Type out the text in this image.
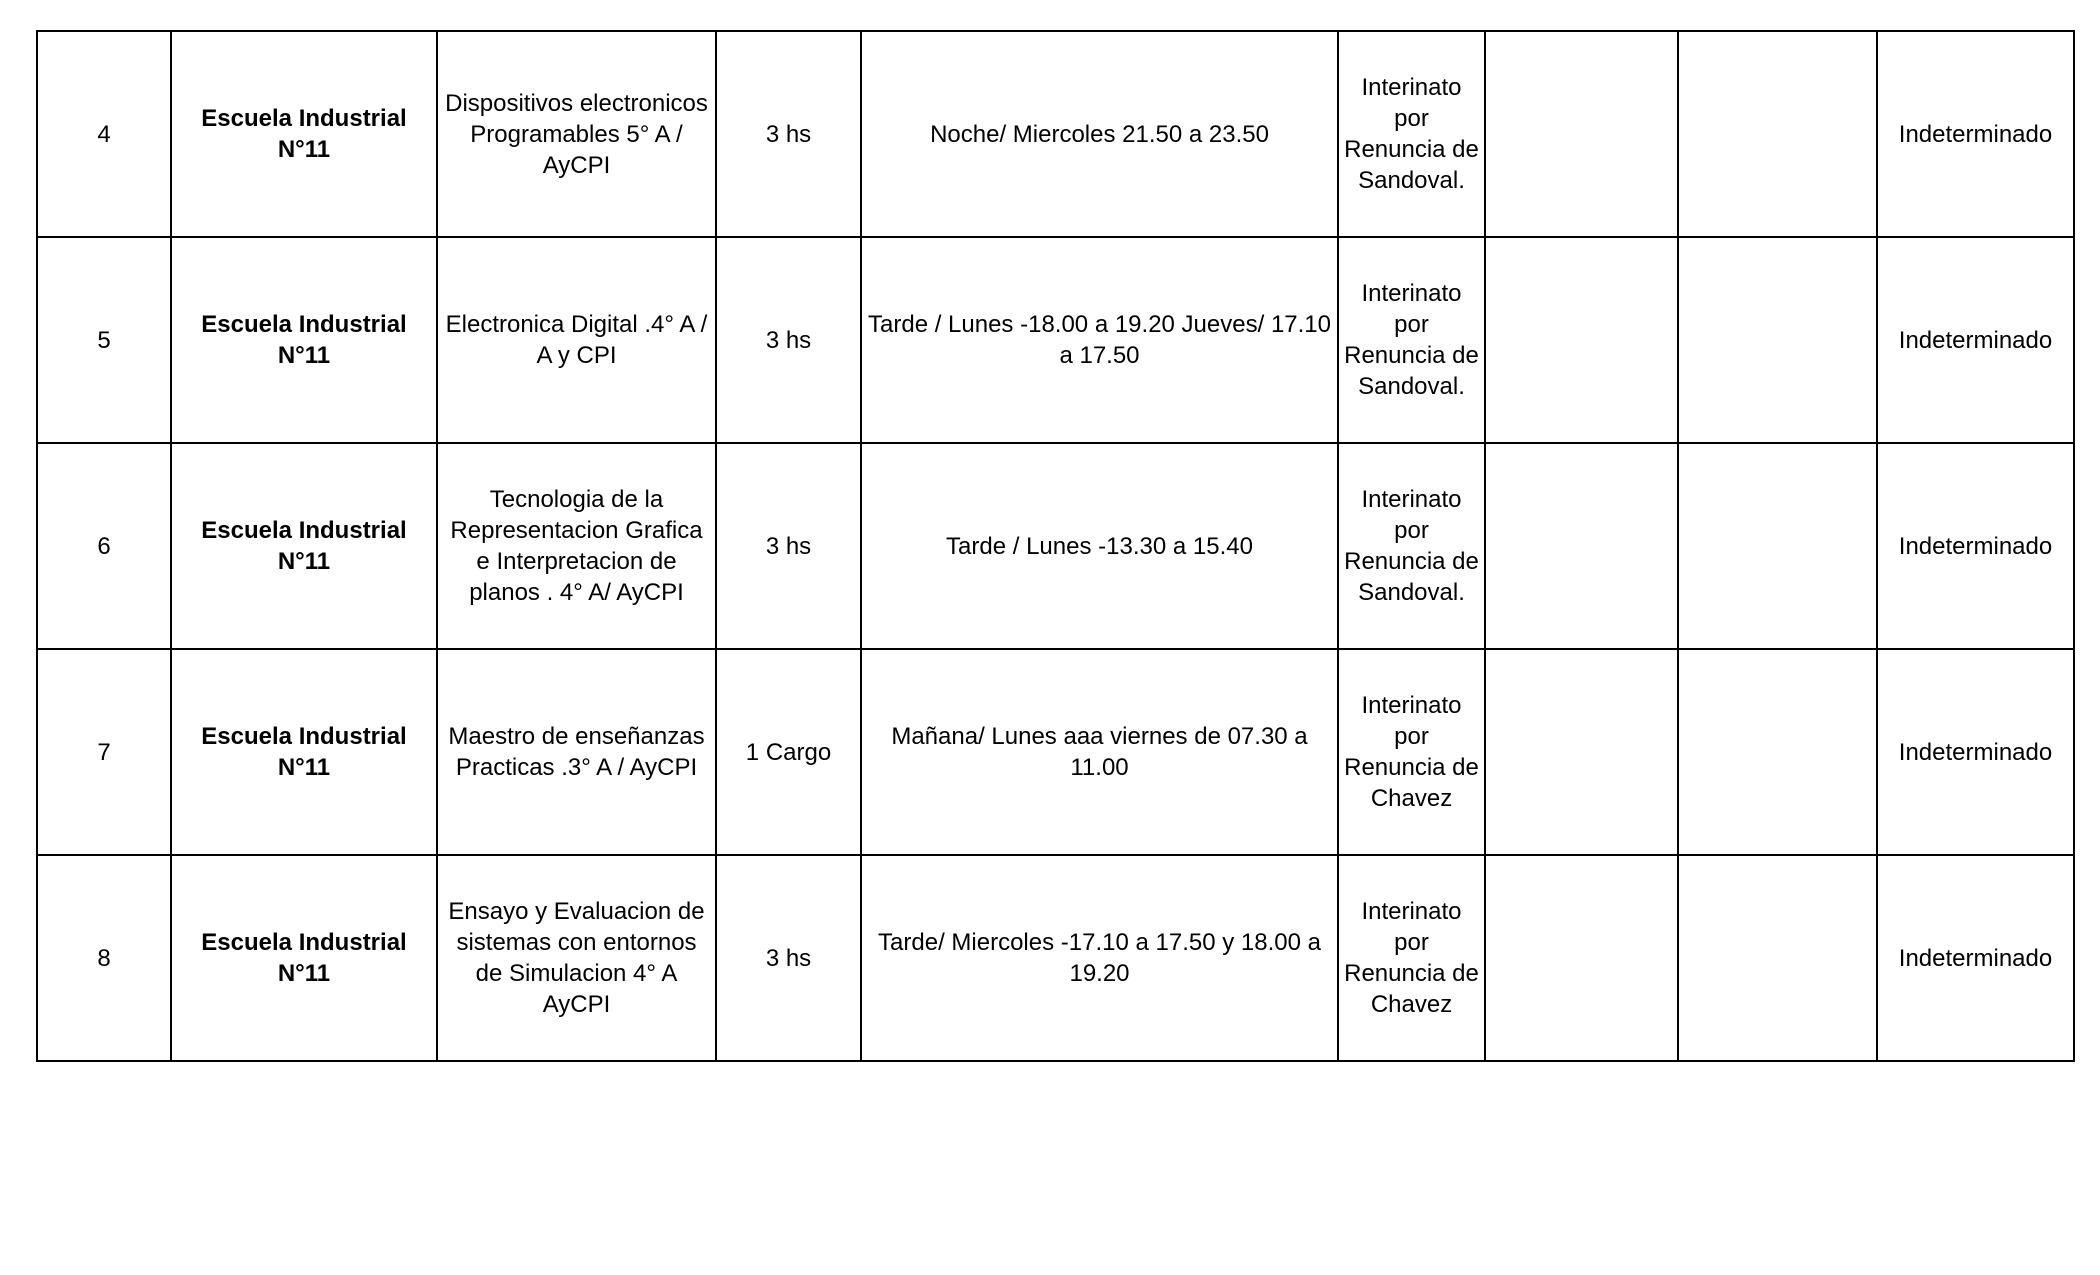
4	Escuela Industrial N°11	Dispositivos electronicos Programables 5° A / AyCPI	3 hs	Noche/ Miercoles 21.50 a 23.50	Interinato por Renuncia de Sandoval.			Indeterminado
5	Escuela Industrial N°11	Electronica Digital .4° A / A y CPI	3 hs	Tarde / Lunes -18.00 a 19.20 Jueves/ 17.10 a 17.50	Interinato por Renuncia de Sandoval.			Indeterminado
6	Escuela Industrial N°11	Tecnologia de la Representacion Grafica e Interpretacion de planos . 4° A/ AyCPI	3 hs	Tarde / Lunes -13.30 a 15.40	Interinato por Renuncia de Sandoval.			Indeterminado
7	Escuela Industrial N°11	Maestro de enseñanzas Practicas .3° A / AyCPI	1 Cargo	Mañana/ Lunes aaa viernes de 07.30 a 11.00	Interinato por Renuncia de Chavez			Indeterminado
8	Escuela Industrial N°11	Ensayo y Evaluacion de sistemas con entornos de Simulacion 4° A AyCPI	3 hs	Tarde/ Miercoles -17.10 a 17.50 y 18.00 a 19.20	Interinato por Renuncia de Chavez			Indeterminado
